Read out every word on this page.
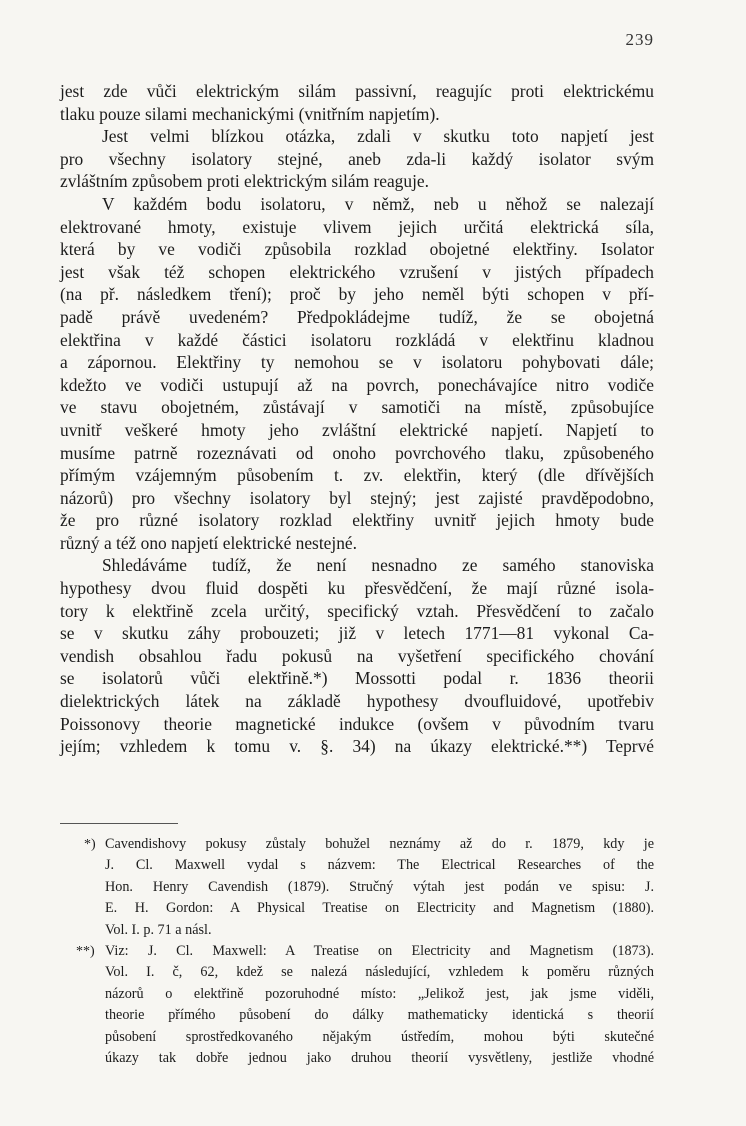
239
jest zde vůči elektrickým silám passivní, reagujíc proti elektrickému
tlaku pouze silami mechanickými (vnitřním napjetím).
Jest velmi blízkou otázka, zdali v skutku toto napjetí jest
pro všechny isolatory stejné, aneb zda-li každý isolator svým
zvláštním způsobem proti elektrickým silám reaguje.
V každém bodu isolatoru, v němž, neb u něhož se nalezají
elektrované hmoty, existuje vlivem jejich určitá elektrická síla,
která by ve vodiči způsobila rozklad obojetné elektřiny. Isolator
jest však též schopen elektrického vzrušení v jistých případech
(na př. následkem tření); proč by jeho neměl býti schopen v pří-
padě právě uvedeném? Předpokládejme tudíž, že se obojetná
elektřina v každé částici isolatoru rozkládá v elektřinu kladnou
a zápornou. Elektřiny ty nemohou se v isolatoru pohybovati dále;
kdežto ve vodiči ustupují až na povrch, ponechávajíce nitro vodiče
ve stavu obojetném, zůstávají v samotiči na místě, způsobujíce
uvnitř veškeré hmoty jeho zvláštní elektrické napjetí. Napjetí to
musíme patrně rozeznávati od onoho povrchového tlaku, způsobeného
přímým vzájemným působením t. zv. elektřin, který (dle dřívějších
názorů) pro všechny isolatory byl stejný; jest zajisté pravděpodobno,
že pro různé isolatory rozklad elektřiny uvnitř jejich hmoty bude
různý a též ono napjetí elektrické nestejné.
Shledáváme tudíž, že není nesnadno ze samého stanoviska
hypothesy dvou fluid dospěti ku přesvědčení, že mají různé isola-
tory k elektřině zcela určitý, specifický vztah. Přesvědčení to začalo
se v skutku záhy probouzeti; již v letech 1771—81 vykonal Ca-
vendish obsahlou řadu pokusů na vyšetření specifického chování
se isolatorů vůči elektřině.*) Mossotti podal r. 1836 theorii
dielektrických látek na základě hypothesy dvoufluidové, upotřebiv
Poissonovy theorie magnetické indukce (ovšem v původním tvaru
jejím; vzhledem k tomu v. §. 34) na úkazy elektrické.**) Teprvé
*) Cavendishovy pokusy zůstaly bohužel neznámy až do r. 1879, kdy je
J. Cl. Maxwell vydal s názvem: The Electrical Researches of the
Hon. Henry Cavendish (1879). Stručný výtah jest podán ve spisu: J.
E. H. Gordon: A Physical Treatise on Electricity and Magnetism (1880).
Vol. I. p. 71 a násl.
**) Viz: J. Cl. Maxwell: A Treatise on Electricity and Magnetism (1873).
Vol. I. č, 62, kdež se nalezá následující, vzhledem k poměru různých
názorů o elektřině pozoruhodné místo: „Jelikož jest, jak jsme viděli,
theorie přímého působení do dálky mathematicky identická s theorií
působení sprostředkovaného nějakým ústředím, mohou býti skutečné
úkazy tak dobře jednou jako druhou theorií vysvětleny, jestliže vhodné
